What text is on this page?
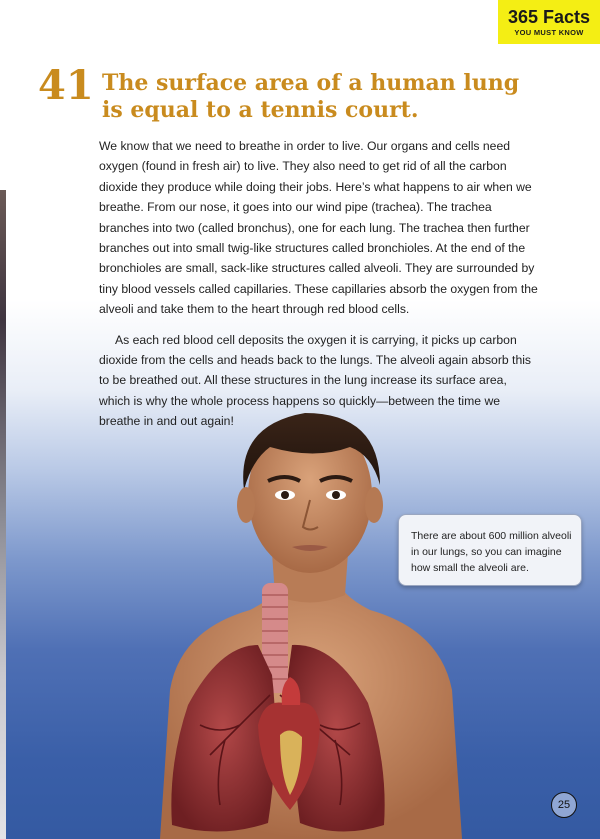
365 Facts
YOU MUST KNOW
41 The surface area of a human lung is equal to a tennis court.

We know that we need to breathe in order to live. Our organs and cells need oxygen (found in fresh air) to live. They also need to get rid of all the carbon dioxide they produce while doing their jobs. Here’s what happens to air when we breathe. From our nose, it goes into our wind pipe (trachea). The trachea branches into two (called bronchus), one for each lung. The trachea then further branches out into small twig-like structures called bronchioles. At the end of the bronchioles are small, sack-like structures called alveoli. They are surrounded by tiny blood vessels called capillaries. These capillaries absorb the oxygen from the alveoli and take them to the heart through red blood cells.

As each red blood cell deposits the oxygen it is carrying, it picks up carbon dioxide from the cells and heads back to the lungs. The alveoli again absorb this to be breathed out. All these structures in the lung increase its surface area, which is why the whole process happens so quickly—between the time we breathe in and out again!

There are about 600 million alveoli in our lungs, so you can imagine how small the alveoli are.
25
